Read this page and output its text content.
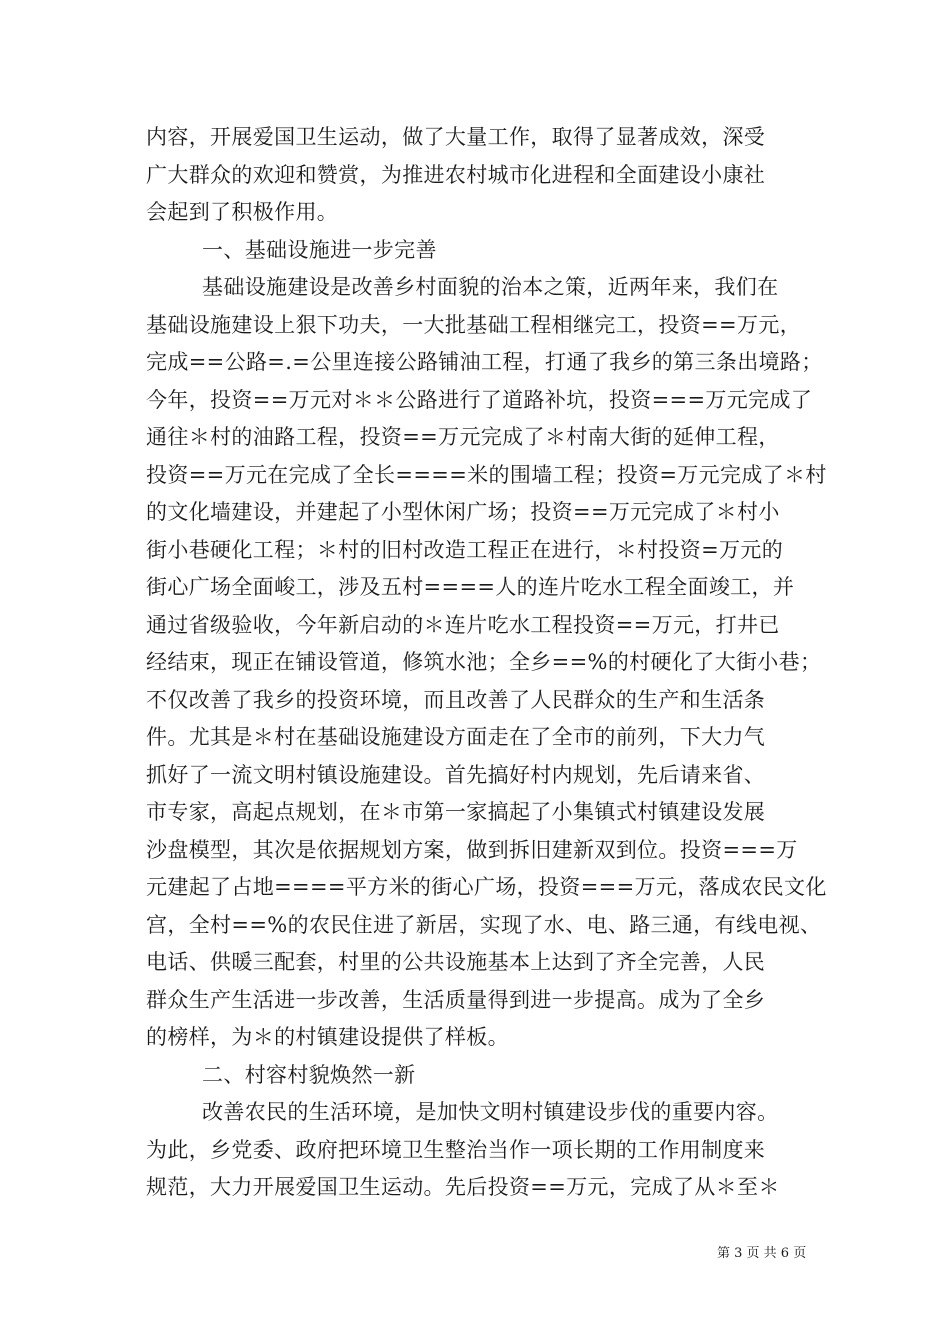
内容，开展爱国卫生运动，做了大量工作，取得了显著成效，深受
广大群众的欢迎和赞赏，为推进农村城市化进程和全面建设小康社
会起到了积极作用。
一、基础设施进一步完善
基础设施建设是改善乡村面貌的治本之策，近两年来，我们在
基础设施建设上狠下功夫，一大批基础工程相继完工，投资==万元，
完成==公路=.=公里连接公路铺油工程，打通了我乡的第三条出境路；
今年，投资==万元对＊＊公路进行了道路补坑，投资===万元完成了
通往＊村的油路工程，投资==万元完成了＊村南大街的延伸工程，
投资==万元在完成了全长====米的围墙工程；投资=万元完成了＊村
的文化墙建设，并建起了小型休闲广场；投资==万元完成了＊村小
街小巷硬化工程；＊村的旧村改造工程正在进行，＊村投资=万元的
街心广场全面峻工，涉及五村====人的连片吃水工程全面竣工，并
通过省级验收，今年新启动的＊连片吃水工程投资==万元，打井已
经结束，现正在铺设管道，修筑水池；全乡==%的村硬化了大街小巷；
不仅改善了我乡的投资环境，而且改善了人民群众的生产和生活条
件。尤其是＊村在基础设施建设方面走在了全市的前列，下大力气
抓好了一流文明村镇设施建设。首先搞好村内规划，先后请来省、
市专家，高起点规划，在＊市第一家搞起了小集镇式村镇建设发展
沙盘模型，其次是依据规划方案，做到拆旧建新双到位。投资===万
元建起了占地====平方米的街心广场，投资===万元，落成农民文化
宫，全村==%的农民住进了新居，实现了水、电、路三通，有线电视、
电话、供暖三配套，村里的公共设施基本上达到了齐全完善，人民
群众生产生活进一步改善，生活质量得到进一步提高。成为了全乡
的榜样，为＊的村镇建设提供了样板。
二、村容村貌焕然一新
改善农民的生活环境，是加快文明村镇建设步伐的重要内容。
为此，乡党委、政府把环境卫生整治当作一项长期的工作用制度来
规范，大力开展爱国卫生运动。先后投资==万元，完成了从＊至＊
第 3 页 共 6 页
